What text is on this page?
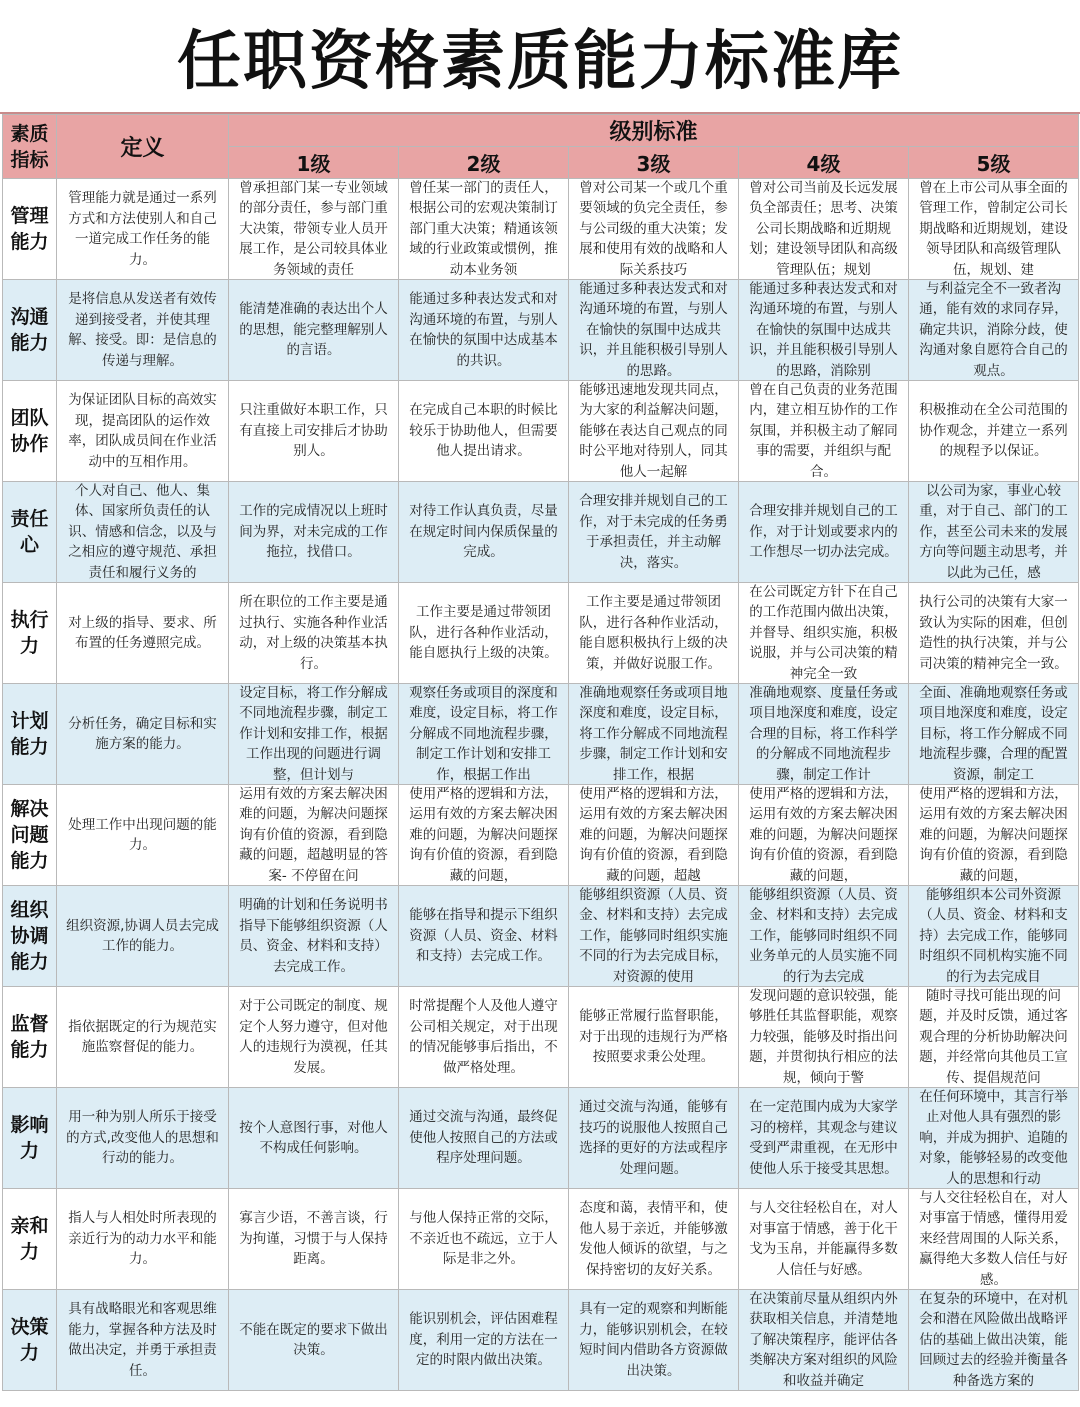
任职资格素质能力标准库
素质
指标	定义	级别标准				
		1级	2级	3级	4级	5级
管理
能力	管理能力就是通过一系列方式和方法使别人和自己一道完成工作任务的能力。	曾承担部门某一专业领域的部分责任，参与部门重大决策，带领专业人员开展工作，是公司较具体业务领域的责任	曾任某一部门的责任人，根据公司的宏观决策制订部门重大决策；精通该领域的行业政策或惯例，推动本业务领	曾对公司某一个或几个重要领域的负完全责任，参与公司级的重大决策；发展和使用有效的战略和人际关系技巧	曾对公司当前及长远发展负全部责任；思考、决策公司长期战略和近期规划；建设领导团队和高级管理队伍；规划	曾在上市公司从事全面的管理工作，曾制定公司长期战略和近期规划，建设领导团队和高级管理队伍，规划、建

沟通
能力	是将信息从发送者有效传递到接受者，并使其理解、接受。即：是信息的传递与理解。	能清楚准确的表达出个人的思想，能完整理解别人的言语。	能通过多种表达发式和对沟通环境的布置，与别人在愉快的氛围中达成基本的共识。	能通过多种表达发式和对沟通环境的布置，与别人在愉快的氛围中达成共识，并且能积极引导别人的思路。	能通过多种表达发式和对沟通环境的布置，与别人在愉快的氛围中达成共识，并且能积极引导别人的思路，消除别	与利益完全不一致者沟通，能有效的求同存异，确定共识，消除分歧，使沟通对象自愿符合自己的观点。

团队
协作	为保证团队目标的高效实现，提高团队的运作效率，团队成员间在作业活动中的互相作用。	只注重做好本职工作，只有直接上司安排后才协助别人。	在完成自己本职的时候比较乐于协助他人，但需要他人提出请求。	能够迅速地发现共同点，为大家的利益解决问题，能够在表达自己观点的同时公平地对待别人，同其他人一起解	曾在自己负责的业务范围内，建立相互协作的工作氛围，并积极主动了解同事的需要，并组织与配合。	积极推动在全公司范围的协作观念，并建立一系列的规程予以保证。

责任
心	个人对自己、他人、集体、国家所负责任的认识、情感和信念，以及与之相应的遵守规范、承担责任和履行义务的	工作的完成情况以上班时间为界，对未完成的工作拖拉，找借口。	对待工作认真负责，尽量在规定时间内保质保量的完成。	合理安排并规划自己的工作，对于未完成的任务勇于承担责任，并主动解决，落实。	合理安排并规划自己的工作，对于计划或要求内的工作想尽一切办法完成。	以公司为家，事业心较重，对于自己、部门的工作，甚至公司未来的发展方向等问题主动思考，并以此为己任，感

执行
力	对上级的指导、要求、所布置的任务遵照完成。	所在职位的工作主要是通过执行、实施各种作业活动，对上级的决策基本执行。	工作主要是通过带领团队，进行各种作业活动，能自愿执行上级的决策。	工作主要是通过带领团队，进行各种作业活动，能自愿积极执行上级的决策，并做好说服工作。	在公司既定方针下在自己的工作范围内做出决策，并督导、组织实施，积极说服，并与公司决策的精神完全一致	执行公司的决策有大家一致认为实际的困难，但创造性的执行决策，并与公司决策的精神完全一致。

计划
能力	分析任务，确定目标和实施方案的能力。	设定目标，将工作分解成不同地流程步骤，制定工作计划和安排工作，根据工作出现的问题进行调整，但计划与	观察任务或项目的深度和难度，设定目标，将工作分解成不同地流程步骤，制定工作计划和安排工作，根据工作出	准确地观察任务或项目地深度和难度，设定目标，将工作分解成不同地流程步骤，制定工作计划和安排工作，根据	准确地观察、度量任务或项目地深度和难度，设定合理的目标，将工作科学的分解成不同地流程步骤，制定工作计	全面、准确地观察任务或项目地深度和难度，设定目标，将工作分解成不同地流程步骤，合理的配置资源，制定工

解决
问题
能力	处理工作中出现问题的能力。	运用有效的方案去解决困难的问题，为解决问题探询有价值的资源，看到隐藏的问题，超越明显的答案- 不停留在问	使用严格的逻辑和方法，运用有效的方案去解决困难的问题，为解决问题探询有价值的资源，看到隐藏的问题，	使用严格的逻辑和方法，运用有效的方案去解决困难的问题，为解决问题探询有价值的资源，看到隐藏的问题，超越	使用严格的逻辑和方法，运用有效的方案去解决困难的问题，为解决问题探询有价值的资源，看到隐藏的问题，	使用严格的逻辑和方法，运用有效的方案去解决困难的问题，为解决问题探询有价值的资源，看到隐藏的问题，

组织
协调
能力	组织资源,协调人员去完成工作的能力。	明确的计划和任务说明书指导下能够组织资源（人员、资金、材料和支持）去完成工作。	能够在指导和提示下组织资源（人员、资金、材料和支持）去完成工作。	能够组织资源（人员、资金、材料和支持）去完成工作，能够同时组织实施不同的行为去完成目标，对资源的使用	能够组织资源（人员、资金、材料和支持）去完成工作，能够同时组织不同业务单元的人员实施不同的行为去完成	能够组织本公司外资源（人员、资金、材料和支持）去完成工作，能够同时组织不同机构实施不同的行为去完成目

监督
能力	指依据既定的行为规范实施监察督促的能力。	对于公司既定的制度、规定个人努力遵守，但对他人的违规行为漠视，任其发展。	时常提醒个人及他人遵守公司相关规定，对于出现的情况能够事后指出，不做严格处理。	能够正常履行监督职能，对于出现的违规行为严格按照要求秉公处理。	发现问题的意识较强，能够胜任其监督职能，观察力较强，能够及时指出问题，并贯彻执行相应的法规，倾向于警	随时寻找可能出现的问题，并及时反馈，通过客观合理的分析协助解决问题，并经常向其他员工宣传、提倡规范问

影响
力	用一种为别人所乐于接受的方式,改变他人的思想和行动的能力。	按个人意图行事，对他人不构成任何影响。	通过交流与沟通，最终促使他人按照自己的方法或程序处理问题。	通过交流与沟通，能够有技巧的说服他人按照自己选择的更好的方法或程序处理问题。	在一定范围内成为大家学习的榜样，其观念与建议受到严肃重视，在无形中使他人乐于接受其思想。	在任何环境中，其言行举止对他人具有强烈的影响，并成为拥护、追随的对象，能够轻易的改变他人的思想和行动

亲和
力	指人与人相处时所表现的亲近行为的动力水平和能力。	寡言少语，不善言谈，行为拘谨，习惯于与人保持距离。	与他人保持正常的交际，不亲近也不疏远，立于人际是非之外。	态度和蔼，表情平和，使他人易于亲近，并能够激发他人倾诉的欲望，与之保持密切的友好关系。	与人交往轻松自在，对人对事富于情感，善于化干戈为玉帛，并能赢得多数人信任与好感。	与人交往轻松自在，对人对事富于情感，懂得用爱来经营周围的人际关系，赢得绝大多数人信任与好感。

决策
力	具有战略眼光和客观思维能力，掌握各种方法及时做出决定，并勇于承担责任。	不能在既定的要求下做出决策。	能识别机会，评估困难程度，利用一定的方法在一定的时限内做出决策。	具有一定的观察和判断能力，能够识别机会，在较短时间内借助各方资源做出决策。	在决策前尽量从组织内外获取相关信息，并清楚地了解决策程序，能评估各类解决方案对组织的风险和收益并确定	在复杂的环境中，在对机会和潜在风险做出战略评估的基础上做出决策，能回顾过去的经验并衡量各种备选方案的
